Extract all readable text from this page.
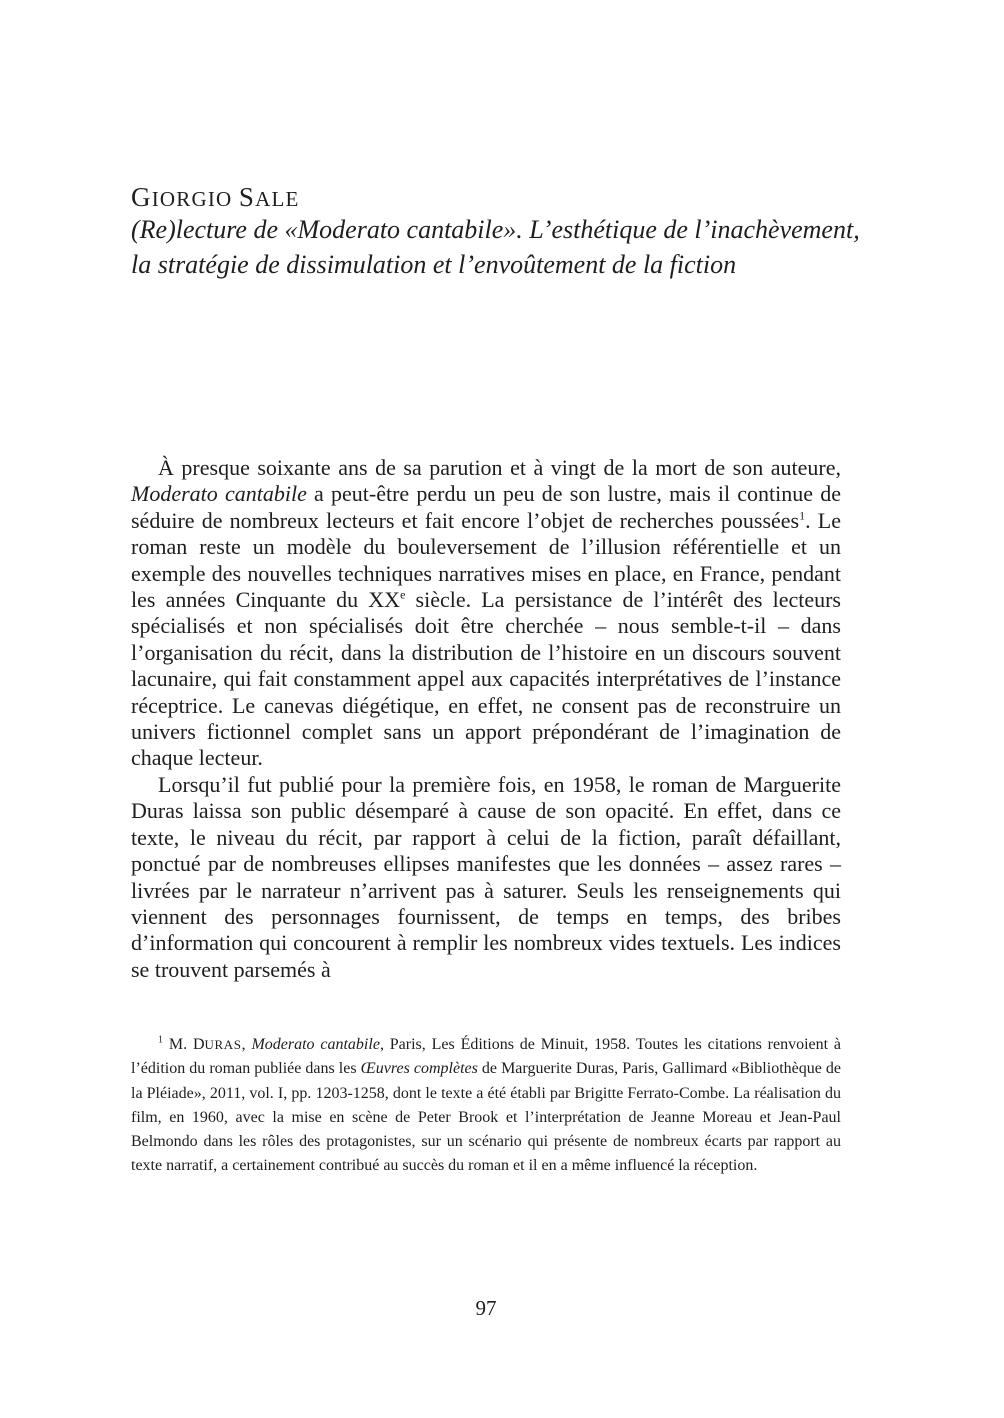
GIORGIO SALE
(Re)lecture de «Moderato cantabile». L’esthétique de l’inachèvement, la stratégie de dissimulation et l’envoûtement de la fiction

À presque soixante ans de sa parution et à vingt de la mort de son auteure, Moderato cantabile a peut-être perdu un peu de son lustre, mais il continue de séduire de nombreux lecteurs et fait encore l’objet de recherches poussées$^1$. Le roman reste un modèle du bouleversement de l’illusion référentielle et un exemple des nouvelles techniques narratives mises en place, en France, pendant les années Cinquante du XXe siècle. La persistance de l’intérêt des lecteurs spécialisés et non spécialisés doit être cherchée – nous semble-t-il – dans l’organisation du récit, dans la distribution de l’histoire en un discours souvent lacunaire, qui fait constamment appel aux capacités interprétatives de l’instance réceptrice. Le canevas diégétique, en effet, ne consent pas de reconstruire un univers fictionnel complet sans un apport prépondérant de l’imagination de chaque lecteur.

Lorsqu’il fut publié pour la première fois, en 1958, le roman de Marguerite Duras laissa son public désemparé à cause de son opacité. En effet, dans ce texte, le niveau du récit, par rapport à celui de la fiction, paraît défaillant, ponctué par de nombreuses ellipses manifestes que les données – assez rares – livrées par le narrateur n’arrivent pas à saturer. Seuls les renseignements qui viennent des personnages fournissent, de temps en temps, des bribes d’information qui concourent à remplir les nombreux vides textuels. Les indices se trouvent parsemés à

$^1$ M. DURAS, Moderato cantabile, Paris, Les Éditions de Minuit, 1958. Toutes les citations renvoient à l’édition du roman publiée dans les Œuvres complètes de Marguerite Duras, Paris, Gallimard «Bibliothèque de la Pléiade», 2011, vol. I, pp. 1203-1258, dont le texte a été établi par Brigitte Ferrato-Combe. La réalisation du film, en 1960, avec la mise en scène de Peter Brook et l’interprétation de Jeanne Moreau et Jean-Paul Belmondo dans les rôles des protagonistes, sur un scénario qui présente de nombreux écarts par rapport au texte narratif, a certainement contribué au succès du roman et il en a même influencé la réception.

97
